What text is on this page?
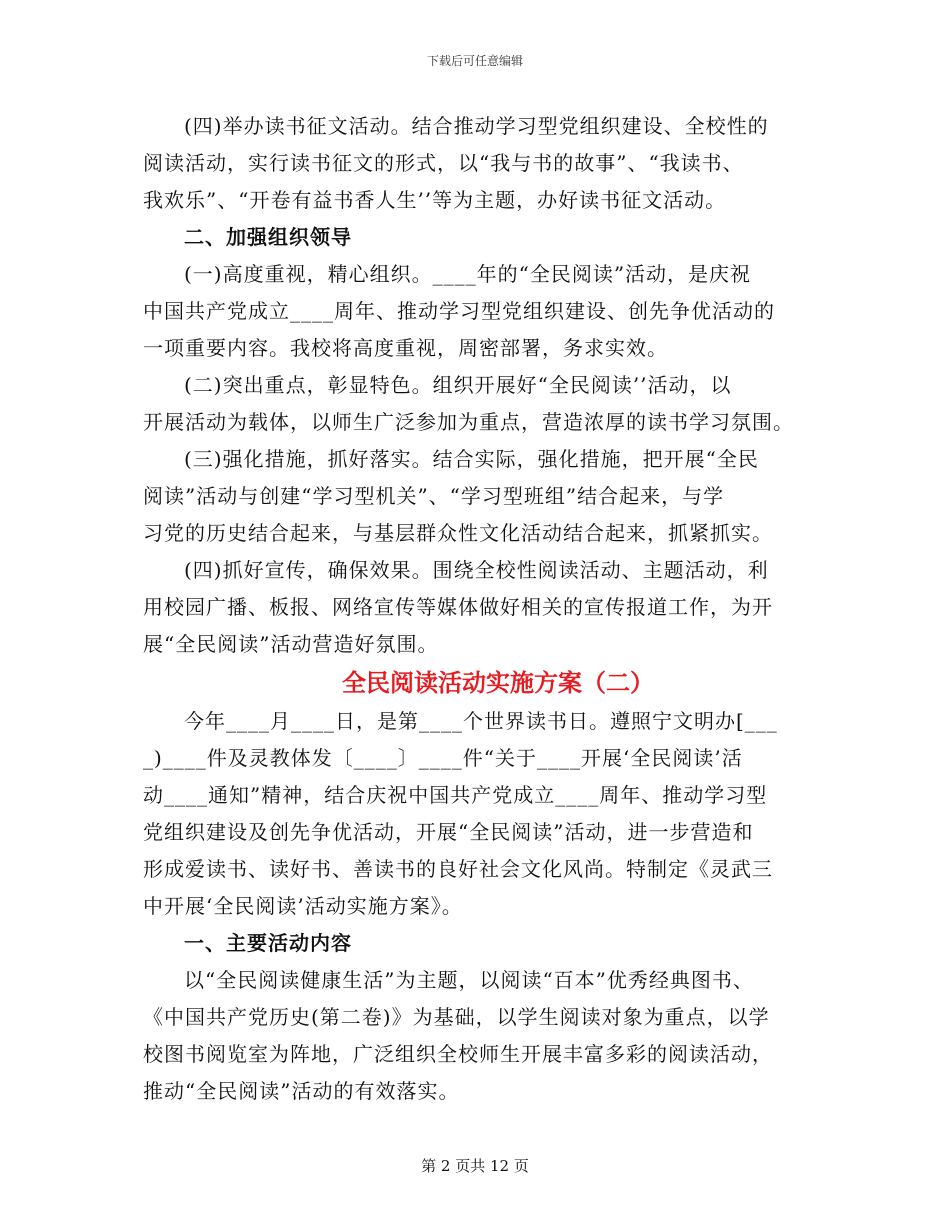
下载后可任意编辑
(四)举办读书征文活动。结合推动学习型党组织建设、全校性的
阅读活动，实行读书征文的形式，以“我与书的故事”、“我读书、
我欢乐”、“开卷有益书香人生’’等为主题，办好读书征文活动。
二、加强组织领导
(一)高度重视，精心组织。____年的“全民阅读”活动，是庆祝
中国共产党成立____周年、推动学习型党组织建设、创先争优活动的
一项重要内容。我校将高度重视，周密部署，务求实效。
(二)突出重点，彰显特色。组织开展好“全民阅读’’活动，以
开展活动为载体，以师生广泛参加为重点，营造浓厚的读书学习氛围。
(三)强化措施，抓好落实。结合实际，强化措施，把开展“全民
阅读”活动与创建“学习型机关”、“学习型班组”结合起来，与学
习党的历史结合起来，与基层群众性文化活动结合起来，抓紧抓实。
(四)抓好宣传，确保效果。围绕全校性阅读活动、主题活动，利
用校园广播、板报、网络宣传等媒体做好相关的宣传报道工作，为开
展“全民阅读”活动营造好氛围。
全民阅读活动实施方案（二）
今年____月____日，是第____个世界读书日。遵照宁文明办[___
_)____件及灵教体发〔____〕____件“关于____开展‘全民阅读’活
动____通知”精神，结合庆祝中国共产党成立____周年、推动学习型
党组织建设及创先争优活动，开展“全民阅读”活动，进一步营造和
形成爱读书、读好书、善读书的良好社会文化风尚。特制定《灵武三
中开展‘全民阅读’活动实施方案》。
一、主要活动内容
以“全民阅读健康生活”为主题，以阅读“百本”优秀经典图书、
《中国共产党历史(第二卷)》为基础，以学生阅读对象为重点，以学
校图书阅览室为阵地，广泛组织全校师生开展丰富多彩的阅读活动，
推动“全民阅读”活动的有效落实。
第 2 页共 12 页
